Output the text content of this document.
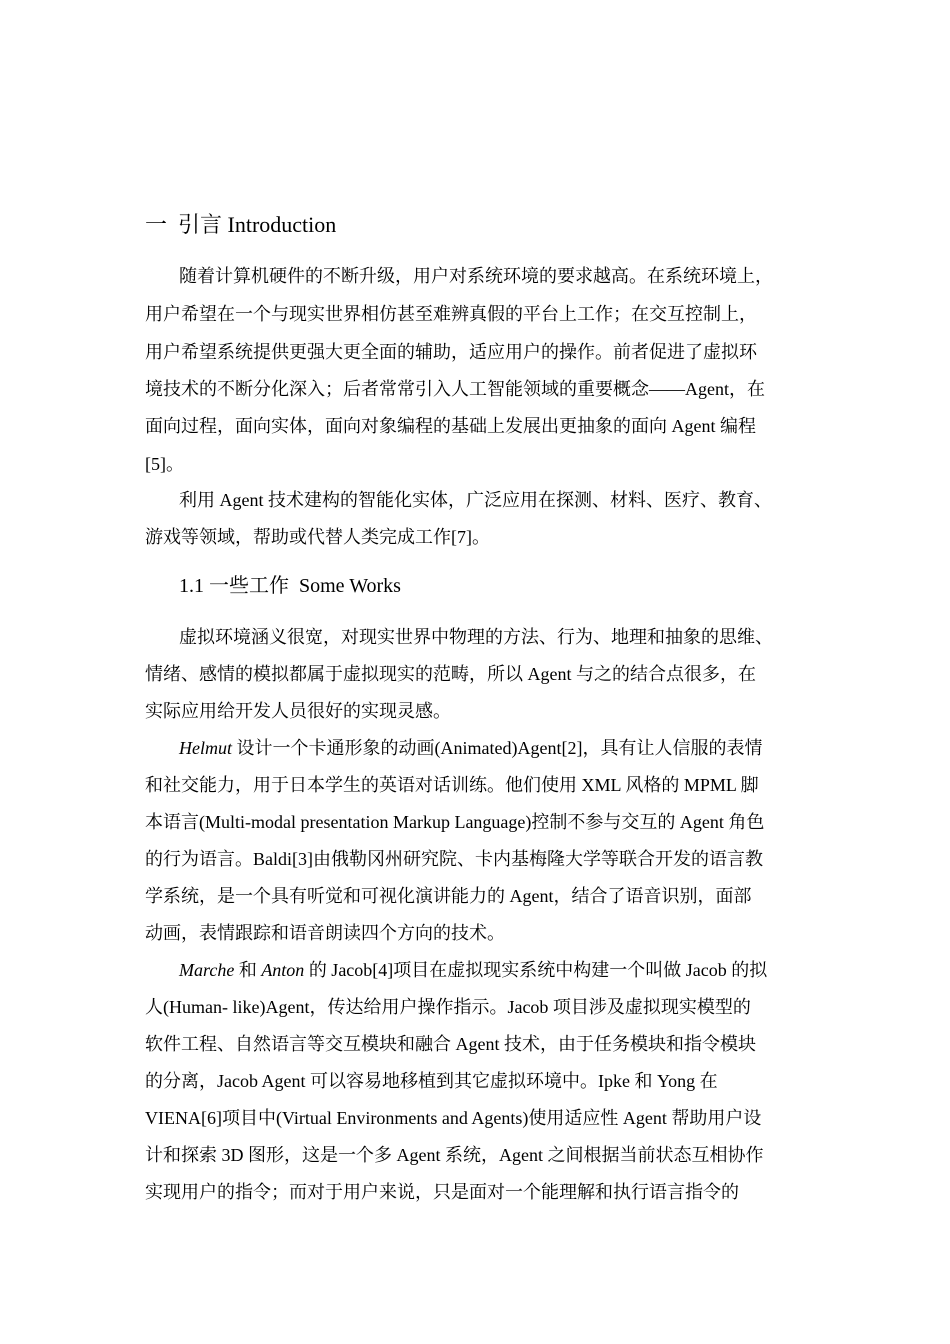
一  引言 Introduction
随着计算机硬件的不断升级，用户对系统环境的要求越高。在系统环境上，
用户希望在一个与现实世界相仿甚至难辨真假的平台上工作；在交互控制上，
用户希望系统提供更强大更全面的辅助，适应用户的操作。前者促进了虚拟环
境技术的不断分化深入；后者常常引入人工智能领域的重要概念——Agent，在
面向过程，面向实体，面向对象编程的基础上发展出更抽象的面向 Agent 编程
[5]。
利用 Agent 技术建构的智能化实体，广泛应用在探测、材料、医疗、教育、
游戏等领域，帮助或代替人类完成工作[7]。
1.1 一些工作  Some Works
虚拟环境涵义很宽，对现实世界中物理的方法、行为、地理和抽象的思维、
情绪、感情的模拟都属于虚拟现实的范畴，所以 Agent 与之的结合点很多，在
实际应用给开发人员很好的实现灵感。
Helmut 设计一个卡通形象的动画(Animated)Agent[2]，具有让人信服的表情
和社交能力，用于日本学生的英语对话训练。他们使用 XML 风格的 MPML 脚
本语言(Multi-modal presentation Markup Language)控制不参与交互的 Agent 角色
的行为语言。Baldi[3]由俄勒冈州研究院、卡内基梅隆大学等联合开发的语言教
学系统，是一个具有听觉和可视化演讲能力的 Agent，结合了语音识别，面部
动画，表情跟踪和语音朗读四个方向的技术。
Marche 和 Anton 的 Jacob[4]项目在虚拟现实系统中构建一个叫做 Jacob 的拟
人(Human- like)Agent，传达给用户操作指示。Jacob 项目涉及虚拟现实模型的
软件工程、自然语言等交互模块和融合 Agent 技术，由于任务模块和指令模块
的分离，Jacob Agent 可以容易地移植到其它虚拟环境中。Ipke 和 Yong 在
VIENA[6]项目中(Virtual Environments and Agents)使用适应性 Agent 帮助用户设
计和探索 3D 图形，这是一个多 Agent 系统，Agent 之间根据当前状态互相协作
实现用户的指令；而对于用户来说，只是面对一个能理解和执行语言指令的
